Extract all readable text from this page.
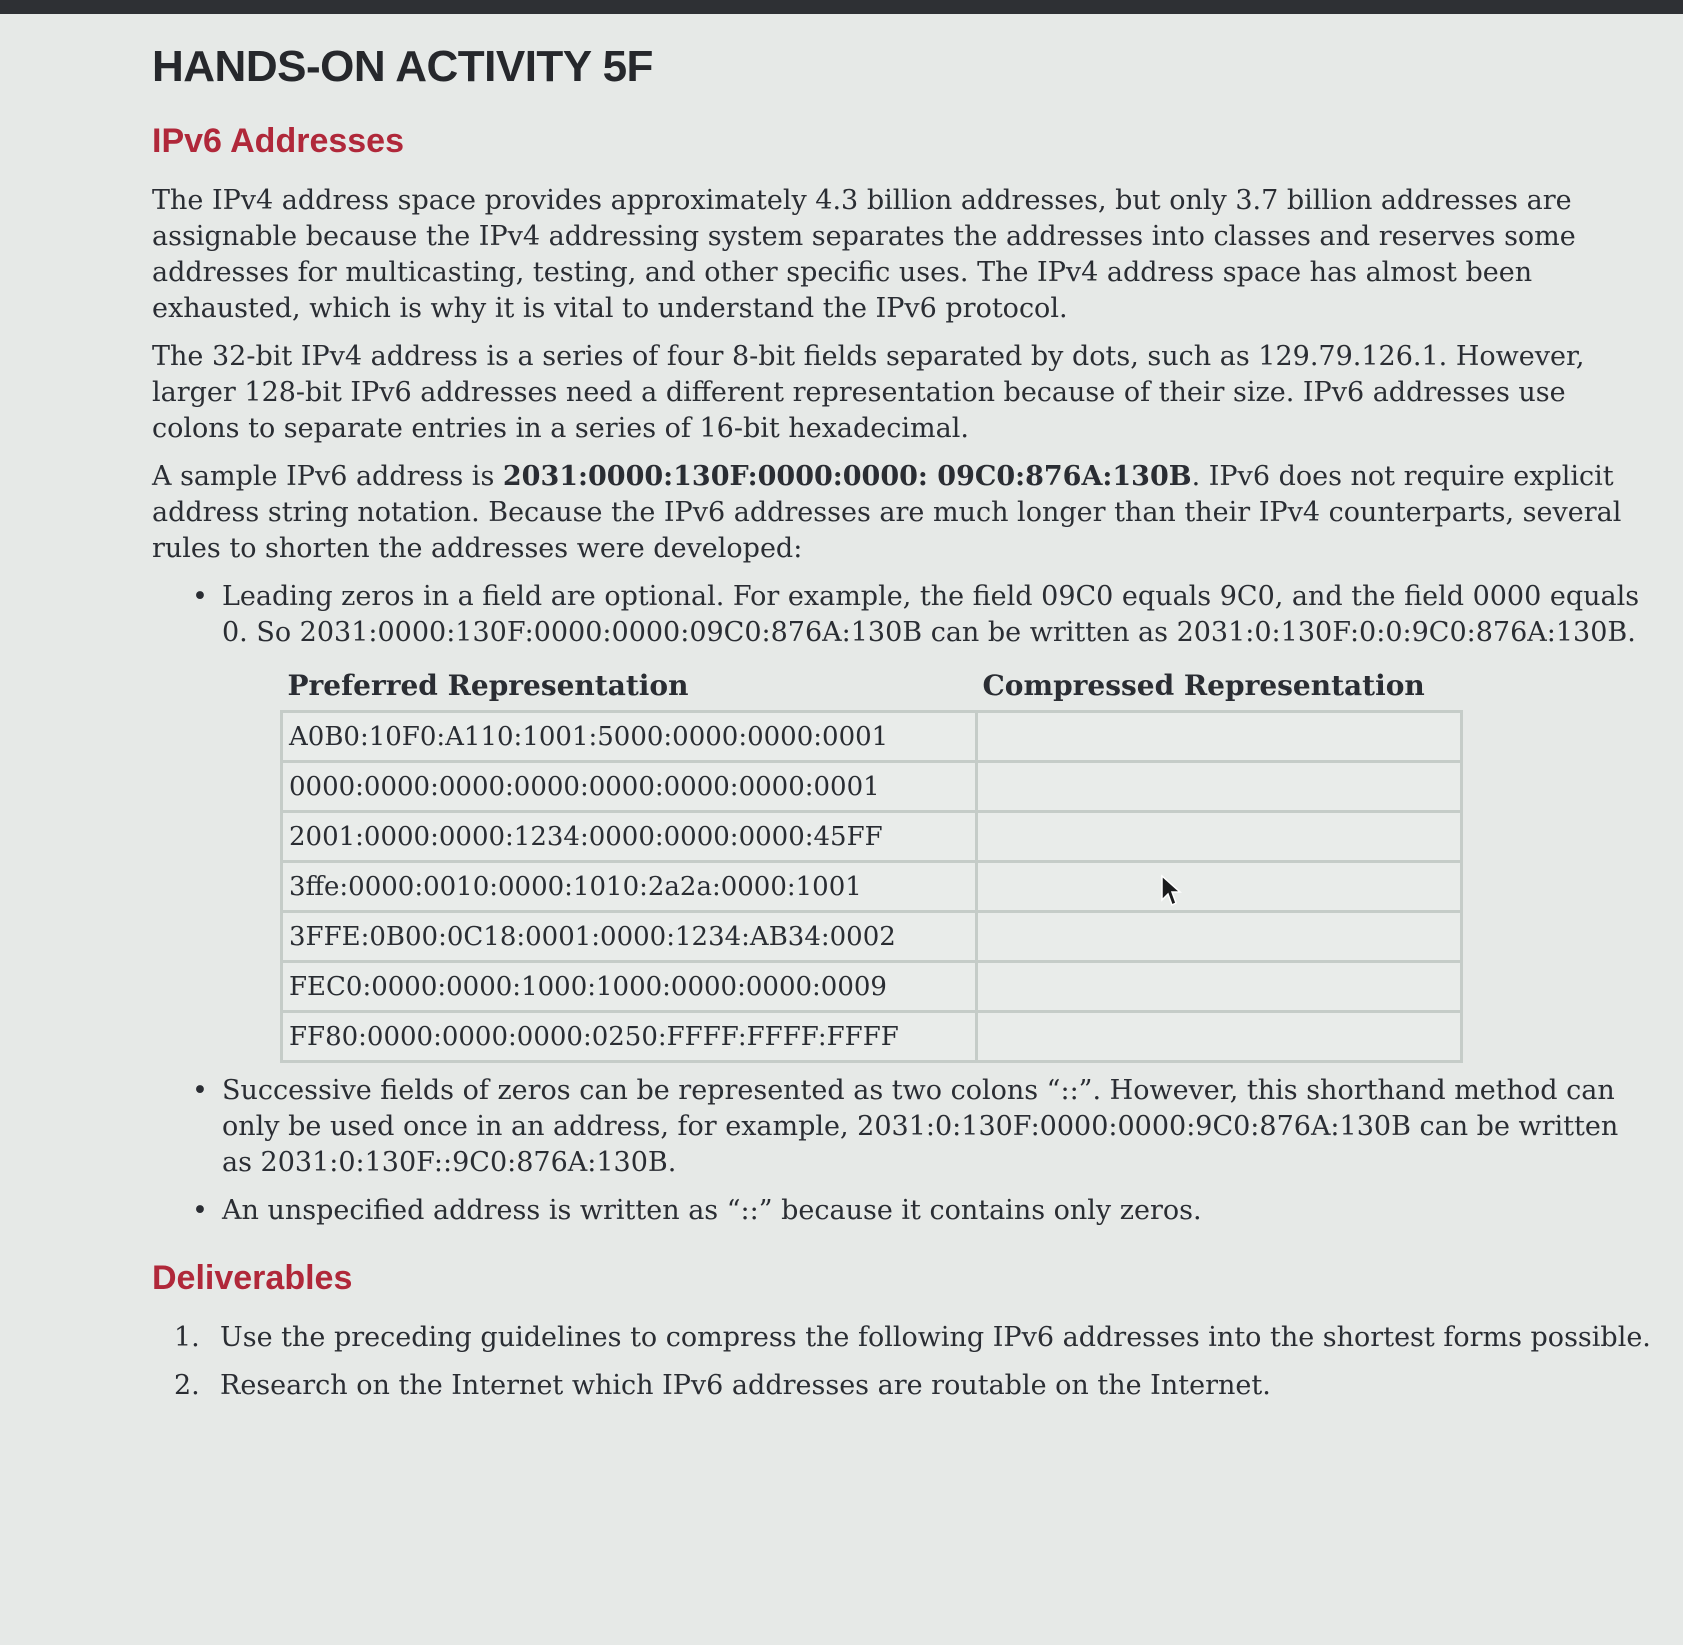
HANDS-ON ACTIVITY 5F
IPv6 Addresses

The IPv4 address space provides approximately 4.3 billion addresses, but only 3.7 billion addresses are assignable because the IPv4 addressing system separates the addresses into classes and reserves some addresses for multicasting, testing, and other specific uses. The IPv4 address space has almost been exhausted, which is why it is vital to understand the IPv6 protocol.

The 32-bit IPv4 address is a series of four 8-bit fields separated by dots, such as 129.79.126.1. However, larger 128-bit IPv6 addresses need a different representation because of their size. IPv6 addresses use colons to separate entries in a series of 16-bit hexadecimal.

A sample IPv6 address is 2031:0000:130F:0000:0000: 09C0:876A:130B. IPv6 does not require explicit address string notation. Because the IPv6 addresses are much longer than their IPv4 counterparts, several rules to shorten the addresses were developed:

• Leading zeros in a field are optional. For example, the field 09C0 equals 9C0, and the field 0000 equals 0. So 2031:0000:130F:0000:0000:09C0:876A:130B can be written as 2031:0:130F:0:0:9C0:876A:130B.
Preferred Representation	Compressed Representation
A0B0:10F0:A110:1001:5000:0000:0000:0001	
0000:0000:0000:0000:0000:0000:0000:0001	
2001:0000:0000:1234:0000:0000:0000:45FF	
3ffe:0000:0010:0000:1010:2a2a:0000:1001	
3FFE:0B00:0C18:0001:0000:1234:AB34:0002	
FEC0:0000:0000:1000:1000:0000:0000:0009	
FF80:0000:0000:0000:0250:FFFF:FFFF:FFFF	
• Successive fields of zeros can be represented as two colons “::”. However, this shorthand method can only be used once in an address, for example, 2031:0:130F:0000:0000:9C0:876A:130B can be written as 2031:0:130F::9C0:876A:130B.
• An unspecified address is written as “::” because it contains only zeros.
Deliverables
1. Use the preceding guidelines to compress the following IPv6 addresses into the shortest forms possible.
2. Research on the Internet which IPv6 addresses are routable on the Internet.
